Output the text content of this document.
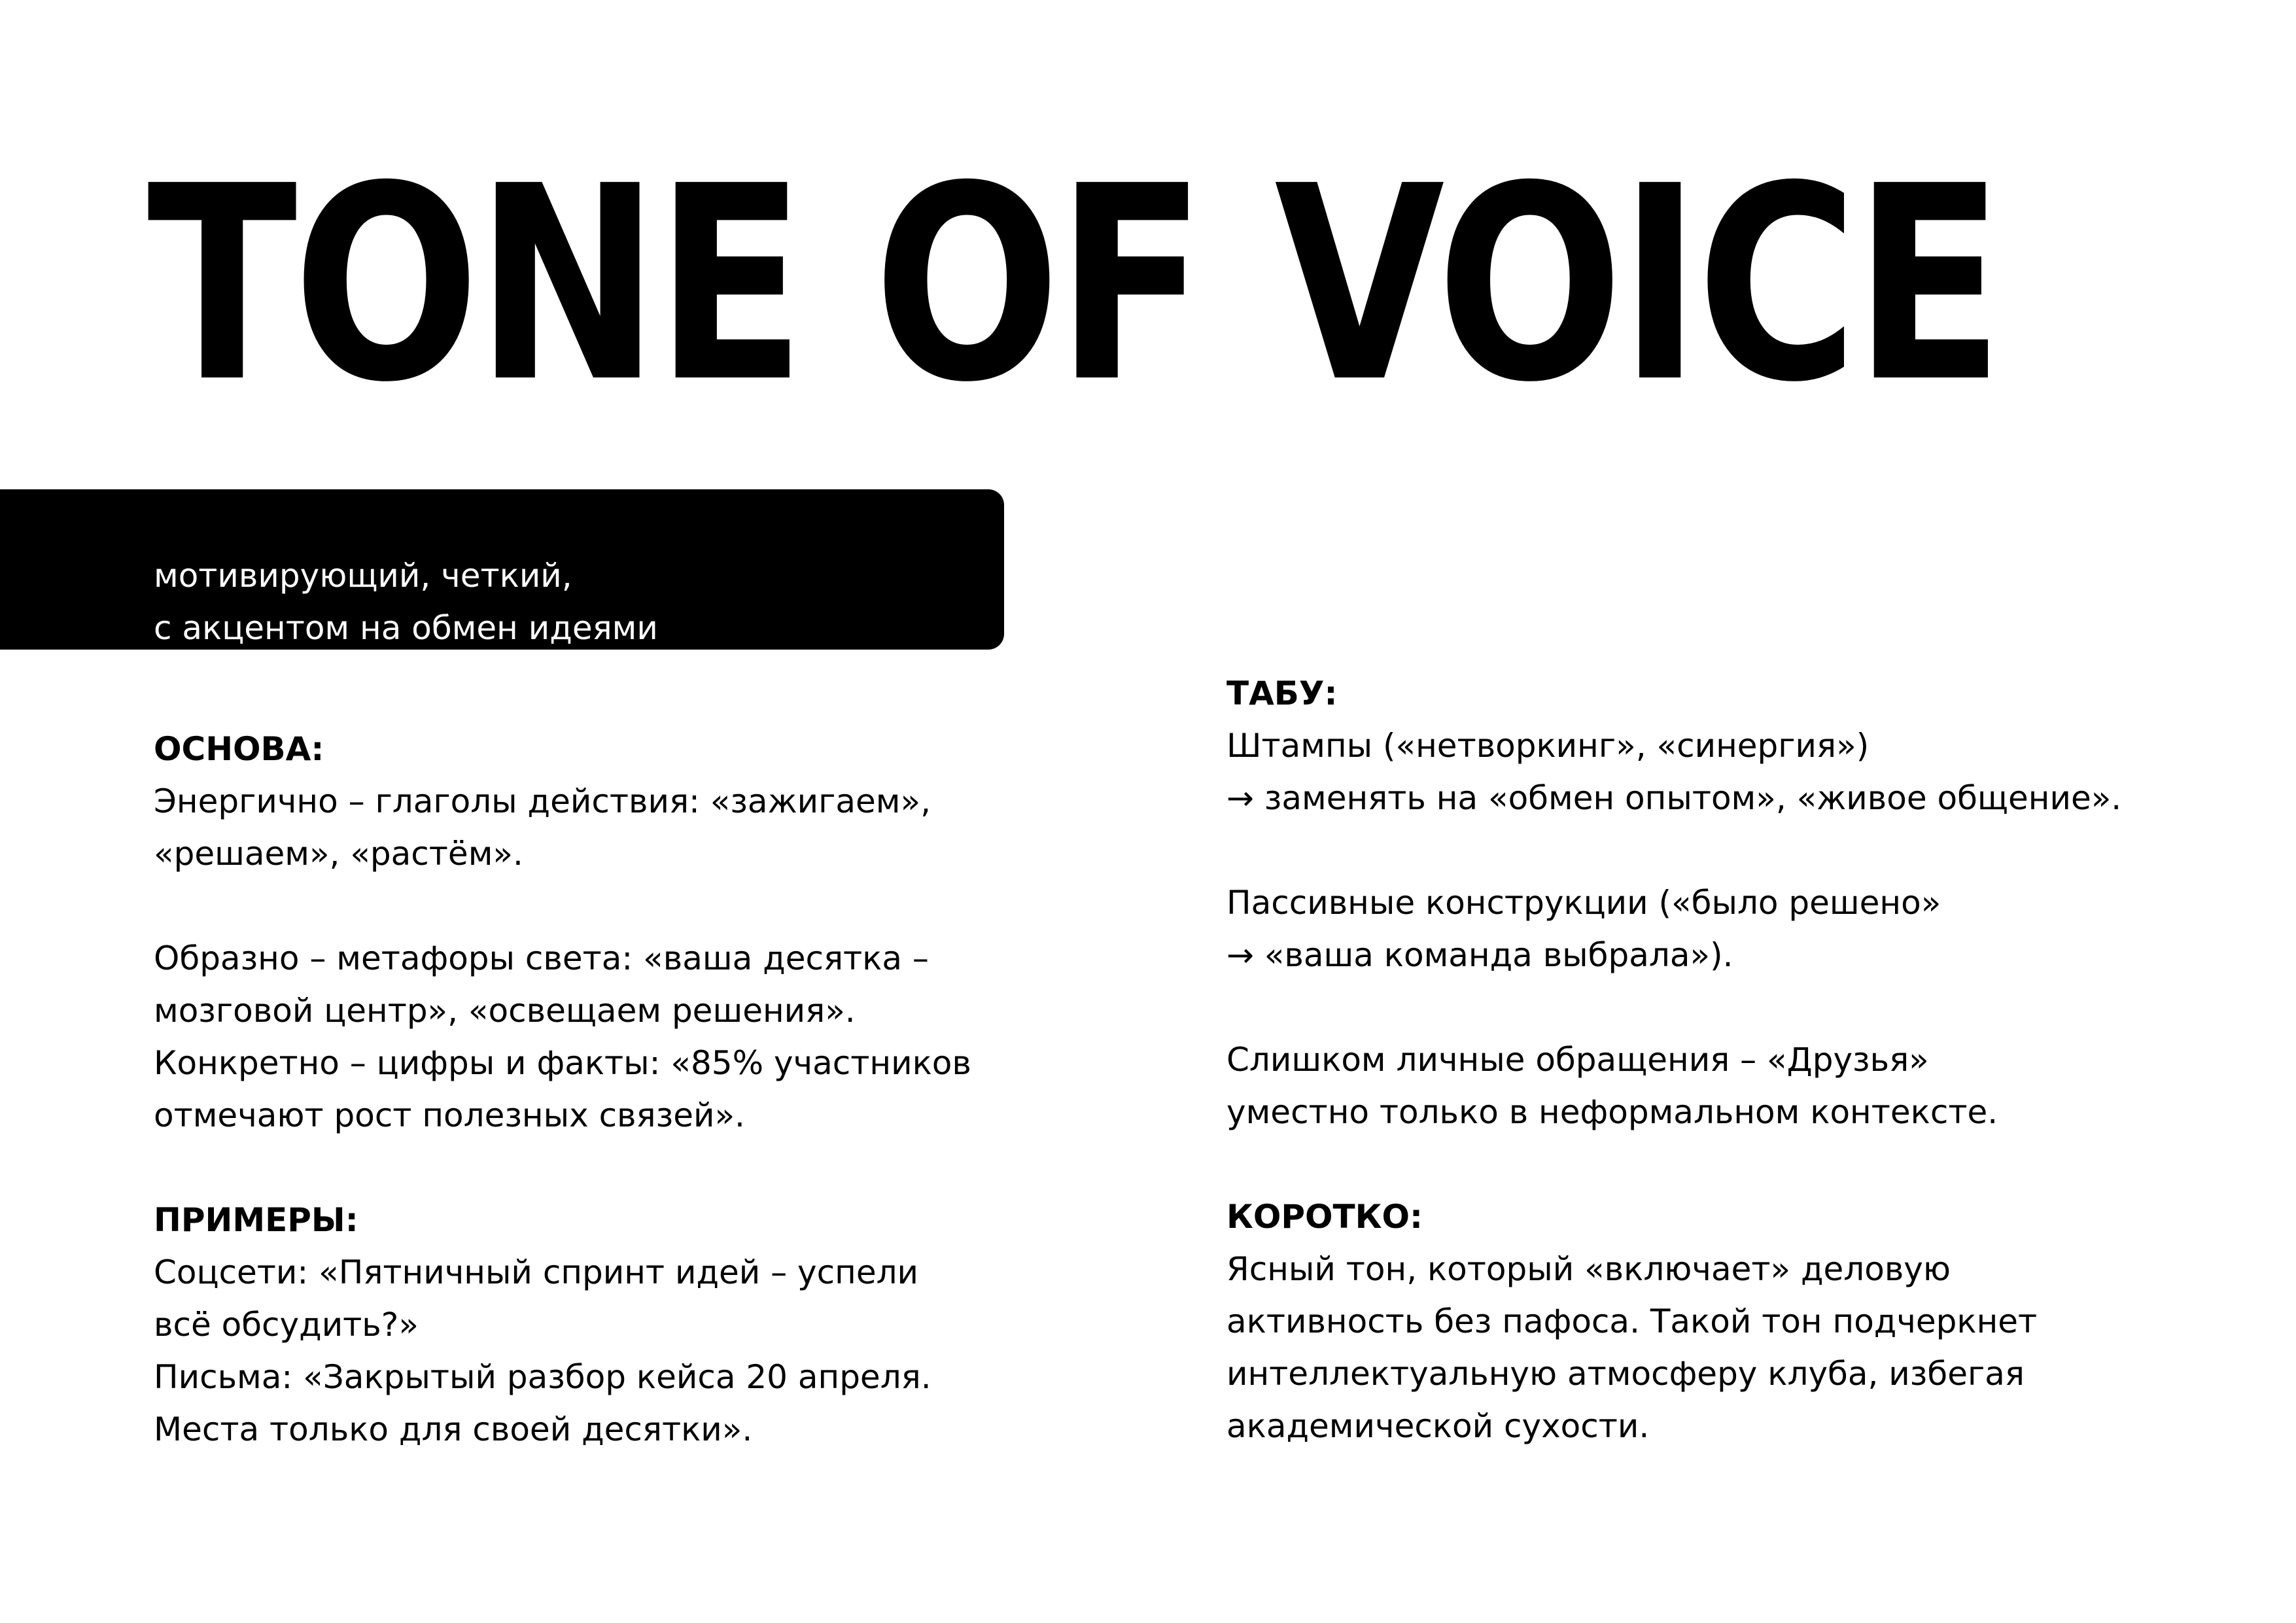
TONE OF VOICE

мотивирующий, четкий,

с акцентом на обмен идеями

ОСНОВА:

Энергично – глаголы действия: «зажигаем»,

«решаем», «растём».

Образно – метафоры света: «ваша десятка –

мозговой центр», «освещаем решения».

Конкретно – цифры и факты: «85% участников

отмечают рост полезных связей».

ПРИМЕРЫ:

Соцсети: «Пятничный спринт идей – успели

всё обсудить?»

Письма: «Закрытый разбор кейса 20 апреля.

Места только для своей десятки».

ТАБУ:

Штампы («нетворкинг», «синергия»)

→ заменять на «обмен опытом», «живое общение».

Пассивные конструкции («было решено»

→ «ваша команда выбрала»).

Слишком личные обращения – «Друзья»

уместно только в неформальном контексте.

КОРОТКО:

Ясный тон, который «включает» деловую

активность без пафоса. Такой тон подчеркнет

интеллектуальную атмосферу клуба, избегая

академической сухости.
